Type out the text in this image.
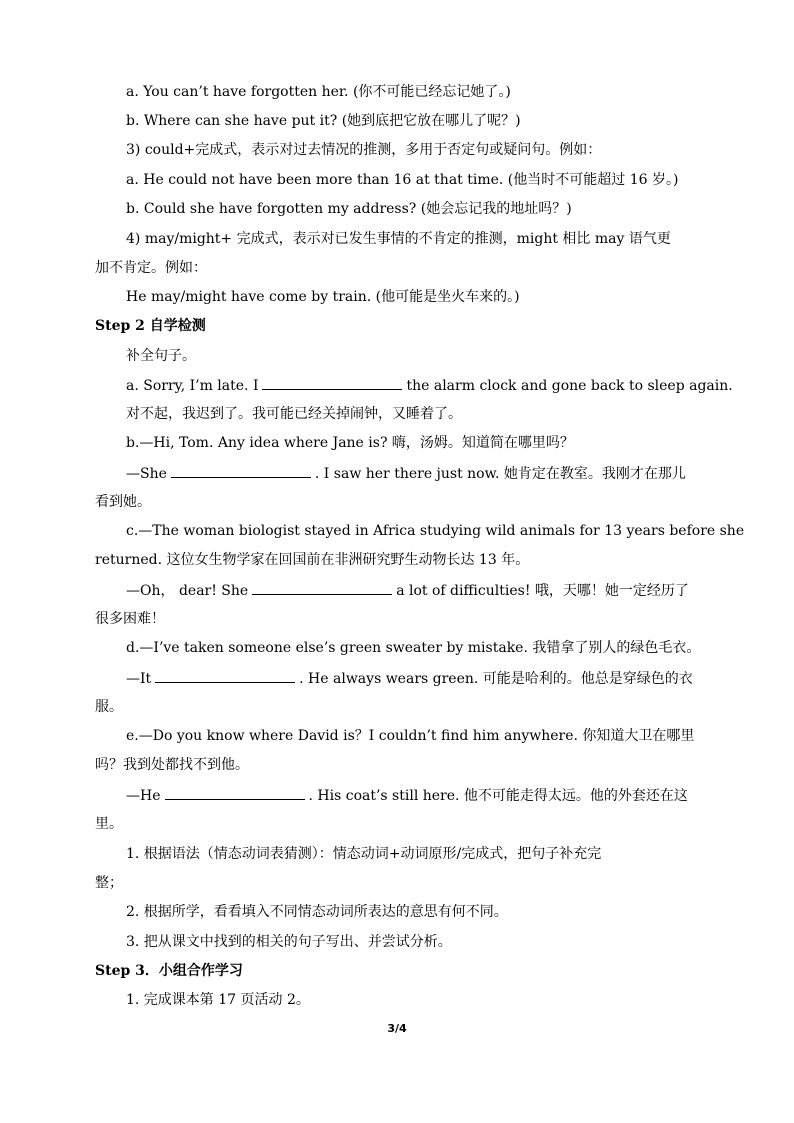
a. You can’t have forgotten her. (你不可能已经忘记她了。)
b. Where can she have put it? (她到底把它放在哪儿了呢？)
3) could+完成式，表示对过去情况的推测，多用于否定句或疑问句。例如：
a. He could not have been more than 16 at that time. (他当时不可能超过 16 岁。)
b. Could she have forgotten my address? (她会忘记我的地址吗？)
4) may/might+ 完成式，表示对已发生事情的不肯定的推测，might 相比 may 语气更
加不肯定。例如：
He may/might have come by train. (他可能是坐火车来的。)
Step 2 自学检测
补全句子。
a. Sorry, I’m late. I	the alarm clock and gone back to sleep again.
对不起，我迟到了。我可能已经关掉闹钟，又睡着了。
b.—Hi, Tom. Any idea where Jane is? 嗨，汤姆。知道简在哪里吗？
—She	. I saw her there just now. 她肯定在教室。我刚才在那儿
看到她。
c.—The woman biologist stayed in Africa studying wild animals for 13 years before she
returned. 这位女生物学家在回国前在非洲研究野生动物长达 13 年。
—Oh， dear! She	a lot of difficulties! 哦，天哪！她一定经历了
很多困难！
d.—I’ve taken someone else’s green sweater by mistake. 我错拿了别人的绿色毛衣。
—It	. He always wears green. 可能是哈利的。他总是穿绿色的衣
服。
e.—Do you know where David is？I couldn’t find him anywhere. 你知道大卫在哪里
吗？我到处都找不到他。
—He	. His coat’s still here. 他不可能走得太远。他的外套还在这
里。
1. 根据语法（情态动词表猜测）：情态动词+动词原形/完成式，把句子补充完
整；
2. 根据所学，看看填入不同情态动词所表达的意思有何不同。
3. 把从课文中找到的相关的句子写出、并尝试分析。
Step 3．小组合作学习
1. 完成课本第 17 页活动 2。
3/4
